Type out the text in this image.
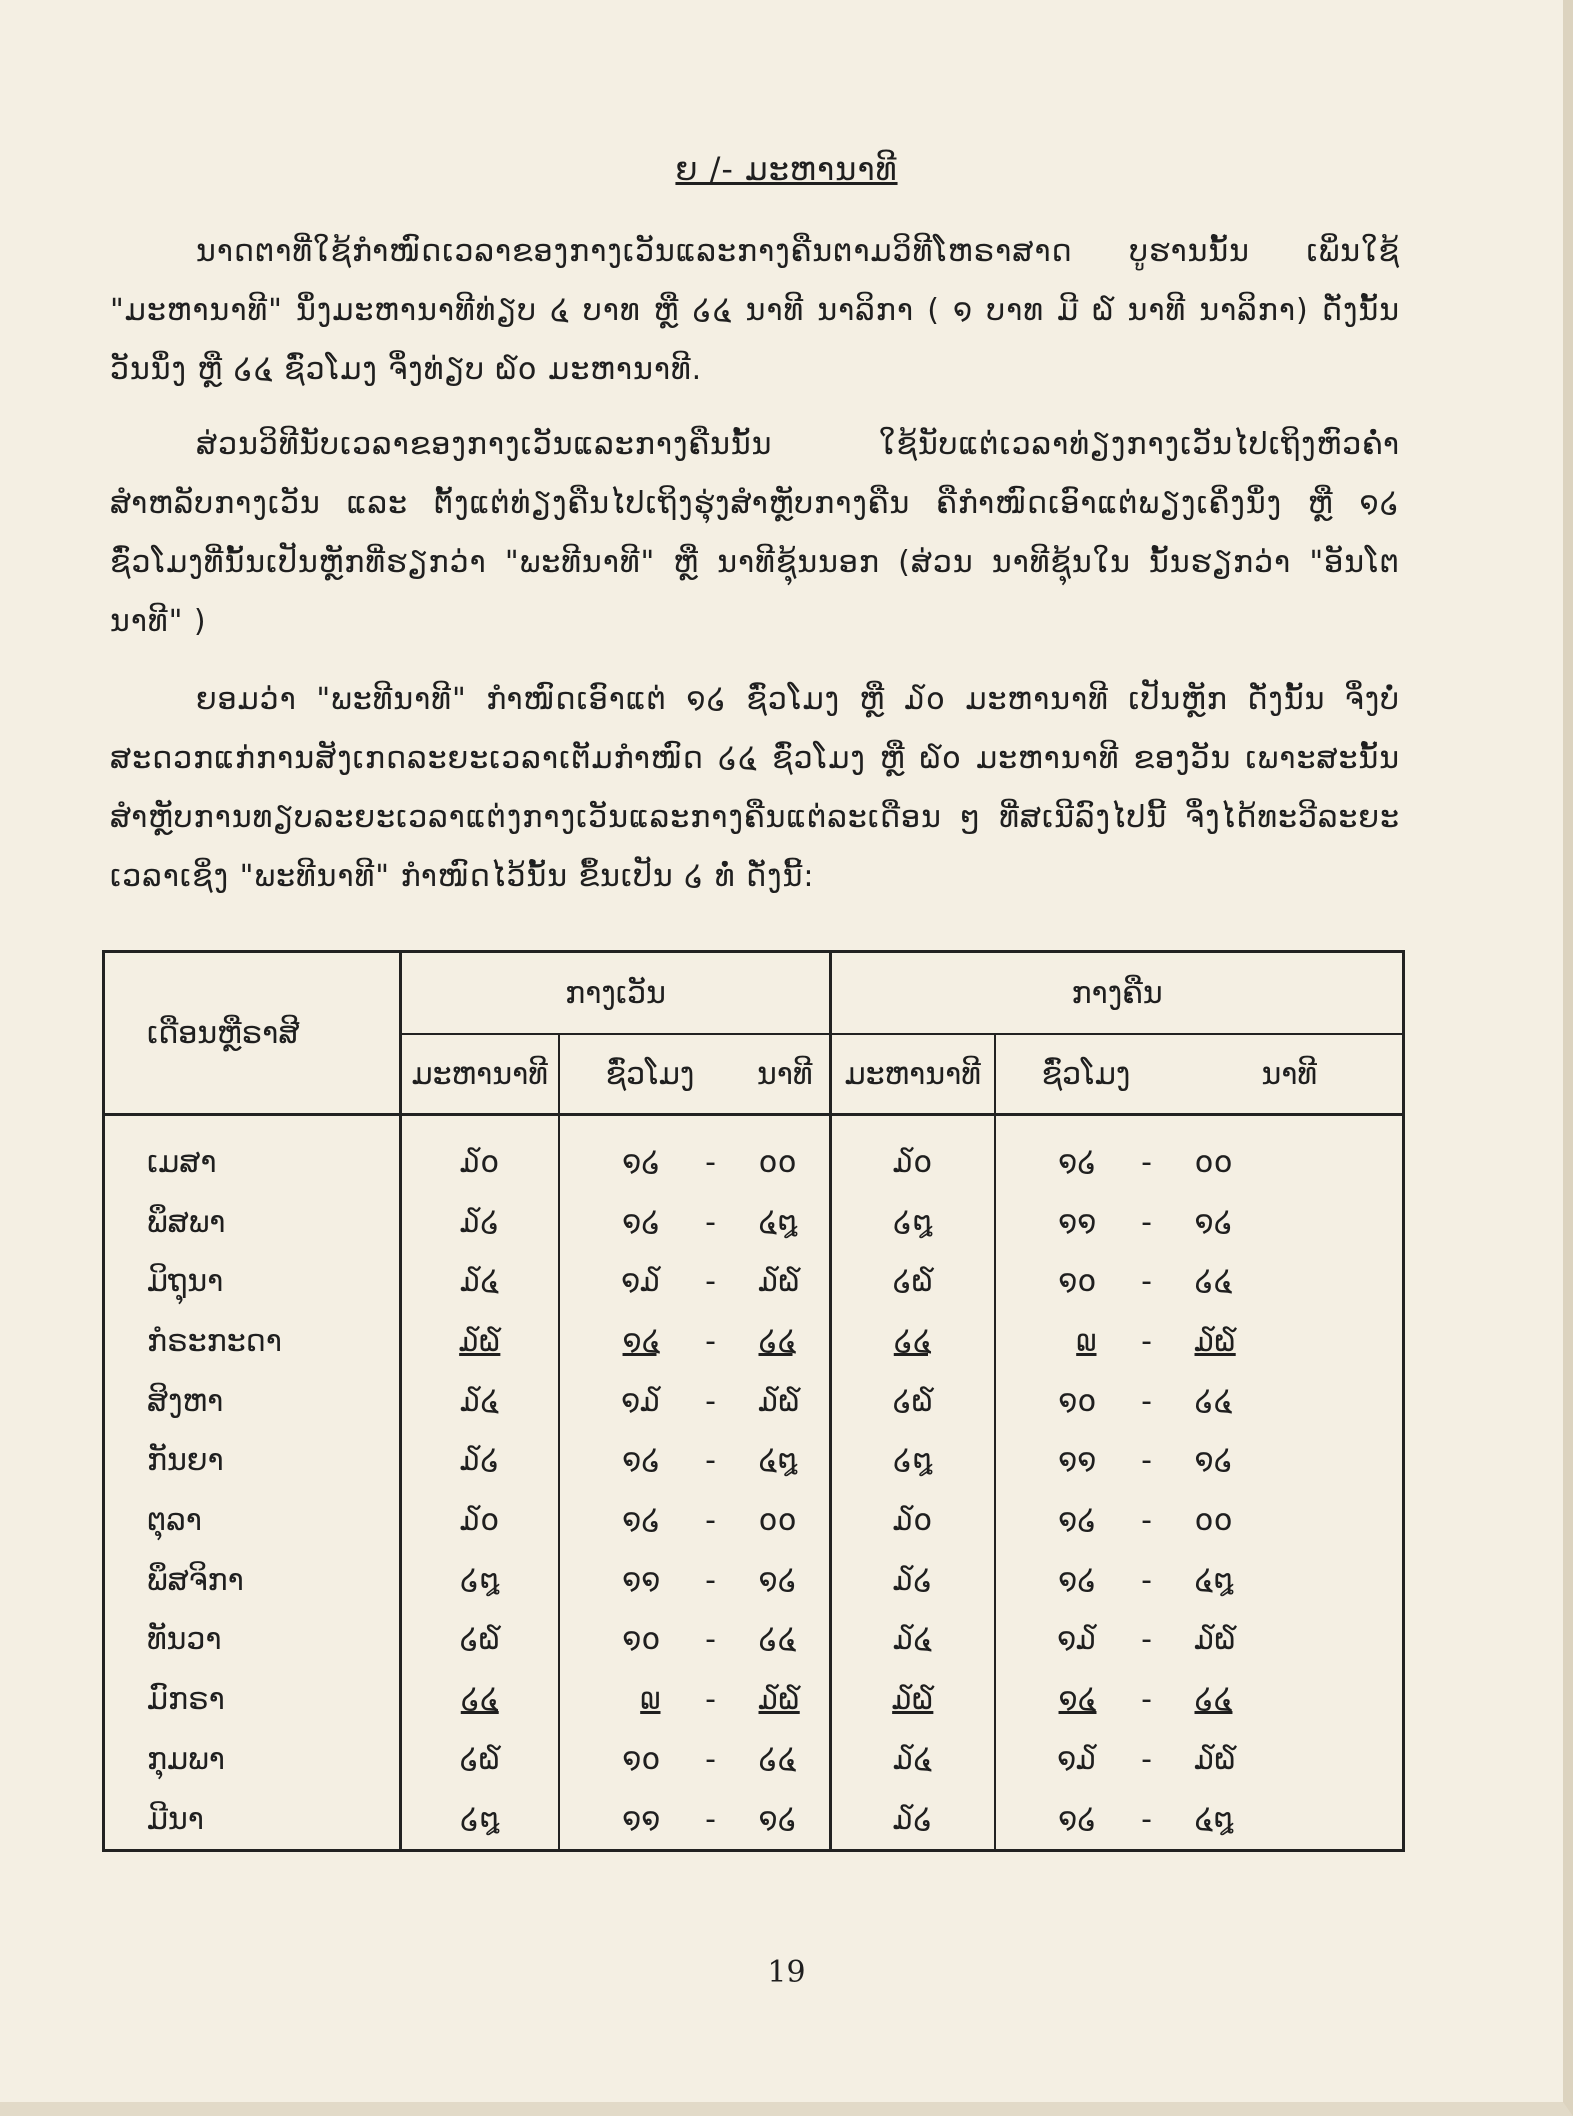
ຍ /- ມະຫານາທີ
ນາດຕາທີ່ໃຊ້ກຳໜົດເວລາຂອງກາງເວັນແລະກາງຄືນຕາມວິທີໂຫຣາສາດ ບູຮານນັ້ນ ເພິ່ນໃຊ້ "ມະຫານາທີ" ນຶ່ງມະຫານາທີທ່ຽບ ໔ ບາທ ຫຼື ໒໔ ນາທີ ນາລິກາ ( ໑ ບາທ ມີ ໖ ນາທີ ນາລິກາ) ດັ່ງນັ້ນ ວັນນຶ່ງ ຫຼື ໒໔ ຊົ່ວໂມງ ຈຶ່ງທ່ຽບ ໖໐ ມະຫານາທີ.
ສ່ວນວິທີນັບເວລາຂອງກາງເວັນແລະກາງຄືນນັ້ນ ໃຊ້ນັບແຕ່ເວລາທ່ຽງກາງເວັນໄປເຖິງຫົວຄ່ຳ ສຳຫລັບກາງເວັນ ແລະ ຕັ້ງແຕ່ທ່ຽງຄືນໄປເຖິງຮຸ່ງສຳຫຼັບກາງຄືນ ຄືກຳໜົດເອົາແຕ່ພຽງເຄິ່ງນຶ່ງ ຫຼື ໑໒ ຊົ່ວໂມງທີ່ນັ້ນເປັນຫຼັກທີ່ຮຽກວ່າ "ພະທີນາທີ" ຫຼື ນາທີຊຸ້ນນອກ (ສ່ວນ ນາທີຊຸ້ນໃນ ນັ້ນຮຽກວ່າ "ອັນໂຕນາທີ" )
ຍອມວ່າ "ພະທີນາທີ" ກຳໜົດເອົາແຕ່ ໑໒ ຊົ່ວໂມງ ຫຼື ໓໐ ມະຫານາທີ ເປັນຫຼັກ ດັ່ງນັ້ນ ຈຶ່ງບໍ່ສະດວກແກ່ການສັງເກດລະຍະເວລາເຕັມກຳໜົດ ໒໔ ຊົ່ວໂມງ ຫຼື ໖໐ ມະຫານາທີ ຂອງວັນ ເພາະສະນັ້ນສຳຫຼັບການທຽບລະຍະເວລາແຕ່ງກາງເວັນແລະກາງຄືນແຕ່ລະເດືອນ ໆ ທີ່ສເນີລົງໄປນີ້ ຈຶ່ງໄດ້ທະວີລະຍະເວລາເຊິ່ງ "ພະທີນາທີ" ກຳໜົດໄວ້ນັ້ນ ຂຶ້ນເປັນ ໒ ທໍ່ ດັ່ງນີ້:
ເດືອນຫຼືຣາສີ	ກາງເວັນ				ກາງຄືນ			
	ມະຫານາທີ	ຊົ່ວໂມງ		ນາທີ	ມະຫານາທີ	ຊົ່ວໂມງ		ນາທີ
ເມສາ	໓໐	໑໒	-	໐໐	໓໐	໑໒	-	໐໐
ພຶສພາ	໓໒	໑໒	-	໔໘	໒໘	໑໑	-	໑໒
ມິຖຸນາ	໓໔	໑໓	-	໓໖	໒໖	໑໐	-	໒໔
ກໍຣະກະດາ	໓໖	໑໔	-	໒໔	໒໔	໙	-	໓໖
ສິງຫາ	໓໔	໑໓	-	໓໖	໒໖	໑໐	-	໒໔
ກັນຍາ	໓໒	໑໒	-	໔໘	໒໘	໑໑	-	໑໒
ຕຸລາ	໓໐	໑໒	-	໐໐	໓໐	໑໒	-	໐໐
ພຶສຈິກາ	໒໘	໑໑	-	໑໒	໓໒	໑໒	-	໔໘
ທັນວາ	໒໖	໑໐	-	໒໔	໓໔	໑໓	-	໓໖
ມົກຣາ	໒໔	໙	-	໓໖	໓໖	໑໔	-	໒໔
ກຸມພາ	໒໖	໑໐	-	໒໔	໓໔	໑໓	-	໓໖
ມີນາ	໒໘	໑໑	-	໑໒	໓໒	໑໒	-	໔໘
19
